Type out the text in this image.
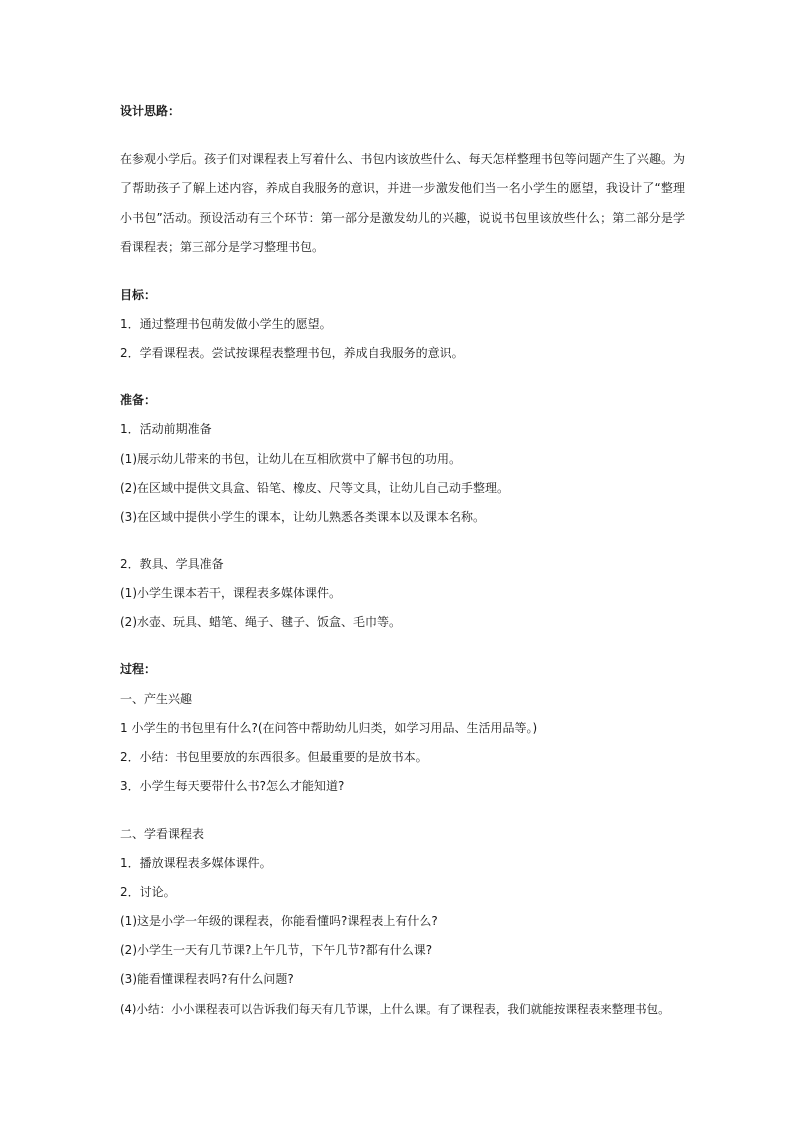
设计思路：
在参观小学后。孩子们对课程表上写着什么、书包内该放些什么、每天怎样整理书包等问题产生了兴趣。为了帮助孩子了解上述内容，养成自我服务的意识，并进一步激发他们当一名小学生的愿望，我设计了“整理小书包”活动。预设活动有三个环节：第一部分是激发幼儿的兴趣，说说书包里该放些什么；第二部分是学看课程表；第三部分是学习整理书包。
目标：
1．通过整理书包萌发做小学生的愿望。
2．学看课程表。尝试按课程表整理书包，养成自我服务的意识。
准备：
1．活动前期准备
(1)展示幼儿带来的书包，让幼儿在互相欣赏中了解书包的功用。
(2)在区域中提供文具盒、铅笔、橡皮、尺等文具，让幼儿自己动手整理。
(3)在区域中提供小学生的课本，让幼儿熟悉各类课本以及课本名称。
2．教具、学具准备
(1)小学生课本若干，课程表多媒体课件。
(2)水壶、玩具、蜡笔、绳子、毽子、饭盒、毛巾等。
过程：
一、产生兴趣
1 小学生的书包里有什么?(在问答中帮助幼儿归类，如学习用品、生活用品等。)
2．小结：书包里要放的东西很多。但最重要的是放书本。
3．小学生每天要带什么书?怎么才能知道?
二、学看课程表
1．播放课程表多媒体课件。
2．讨论。
(1)这是小学一年级的课程表，你能看懂吗?课程表上有什么?
(2)小学生一天有几节课?上午几节，下午几节?都有什么课?
(3)能看懂课程表吗?有什么问题?
(4)小结：小小课程表可以告诉我们每天有几节课，上什么课。有了课程表，我们就能按课程表来整理书包。
